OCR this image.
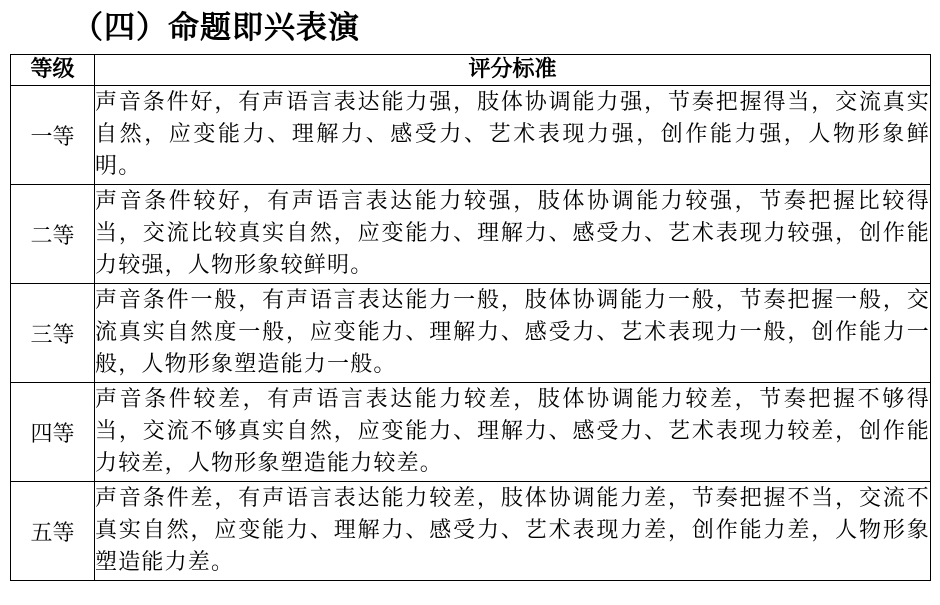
（四）命题即兴表演
等级	评分标准
一等	声音条件好，有声语言表达能力强，肢体协调能力强，节奏把握得当，交流真实自然，应变能力、理解力、感受力、艺术表现力强，创作能力强，人物形象鲜明。
二等	声音条件较好，有声语言表达能力较强，肢体协调能力较强，节奏把握比较得当，交流比较真实自然，应变能力、理解力、感受力、艺术表现力较强，创作能力较强，人物形象较鲜明。
三等	声音条件一般，有声语言表达能力一般，肢体协调能力一般，节奏把握一般，交流真实自然度一般，应变能力、理解力、感受力、艺术表现力一般，创作能力一般，人物形象塑造能力一般。
四等	声音条件较差，有声语言表达能力较差，肢体协调能力较差，节奏把握不够得当，交流不够真实自然，应变能力、理解力、感受力、艺术表现力较差，创作能力较差，人物形象塑造能力较差。
五等	声音条件差，有声语言表达能力较差，肢体协调能力差，节奏把握不当，交流不真实自然，应变能力、理解力、感受力、艺术表现力差，创作能力差，人物形象塑造能力差。
